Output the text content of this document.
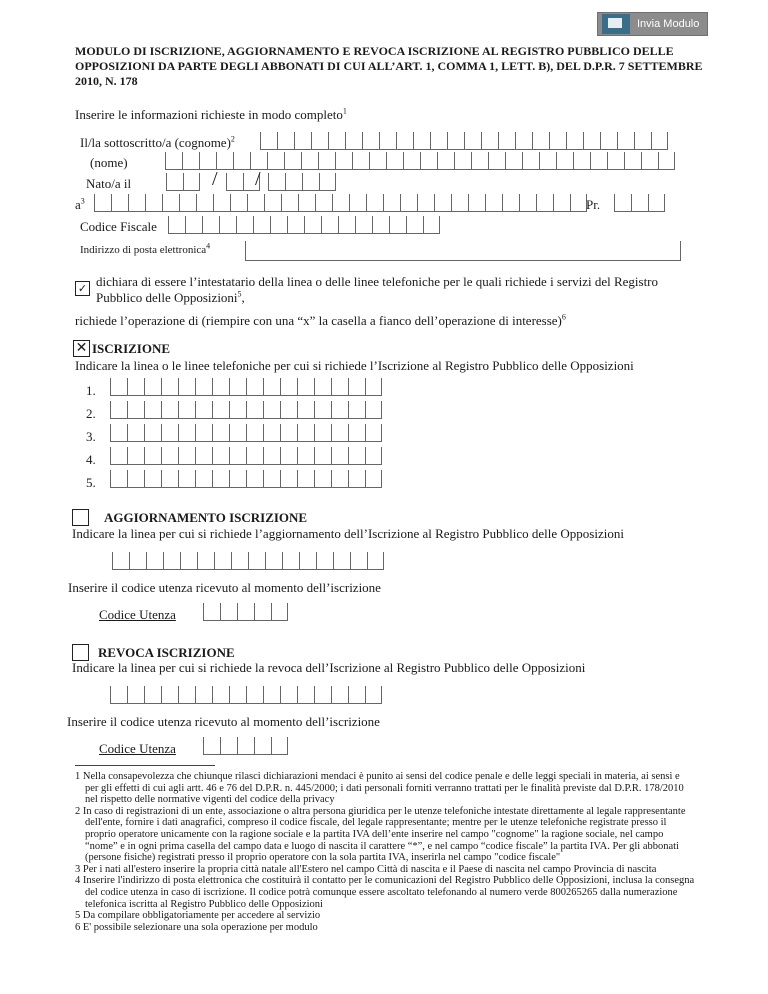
Invia Modulo
MODULO DI ISCRIZIONE, AGGIORNAMENTO E REVOCA ISCRIZIONE AL REGISTRO PUBBLICO DELLE OPPOSIZIONI DA PARTE DEGLI ABBONATI DI CUI ALL’ART. 1, COMMA 1, LETT. B), DEL D.P.R. 7 SETTEMBRE 2010, N. 178
Inserire le informazioni richieste in modo completo$^1$
Il/la sottoscritto/a (cognome)$^2$
(nome)
Nato/a il	/ /
$a^3$	Pr.
Codice Fiscale
Indirizzo di posta elettronica$^4$
✓ dichiara di essere l’intestatario della linea o delle linee telefoniche per le quali richiede i servizi del Registro Pubblico delle Opposizioni$^5$,
richiede l’operazione di (riempire con una “x” la casella a fianco dell’operazione di interesse)$^6$
✕ ISCRIZIONE
Indicare la linea o le linee telefoniche per cui si richiede l’Iscrizione al Registro Pubblico delle Opposizioni
1.
2.
3.
4.
5.
AGGIORNAMENTO ISCRIZIONE
Indicare la linea per cui si richiede l’aggiornamento dell’Iscrizione al Registro Pubblico delle Opposizioni
Inserire il codice utenza ricevuto al momento dell’iscrizione
Codice Utenza
REVOCA ISCRIZIONE
Indicare la linea per cui si richiede la revoca dell’Iscrizione al Registro Pubblico delle Opposizioni
Inserire il codice utenza ricevuto al momento dell’iscrizione
Codice Utenza
1 Nella consapevolezza che chiunque rilasci dichiarazioni mendaci è punito ai sensi del codice penale e delle leggi speciali in materia, ai sensi e per gli effetti di cui agli artt. 46 e 76 del D.P.R. n. 445/2000; i dati personali forniti verranno trattati per le finalità previste dal D.P.R. 178/2010 nel rispetto delle normative vigenti del codice della privacy
2 In caso di registrazioni di un ente, associazione o altra persona giuridica per le utenze telefoniche intestate direttamente al legale rappresentante dell'ente, fornire i dati anagrafici, compreso il codice fiscale, del legale rappresentante; mentre per le utenze telefoniche registrate presso il proprio operatore unicamente con la ragione sociale e la partita IVA dell’ente inserire nel campo "cognome" la ragione sociale, nel campo “nome” e in ogni prima casella del campo data e luogo di nascita il carattere “*”, e nel campo “codice fiscale” la partita IVA. Per gli abbonati (persone fisiche) registrati presso il proprio operatore con la sola partita IVA, inserirla nel campo "codice fiscale"
3 Per i nati all'estero inserire la propria città natale all'Estero nel campo Città di nascita e il Paese di nascita nel campo Provincia di nascita
4 Inserire l'indirizzo di posta elettronica che costituirà il contatto per le comunicazioni del Registro Pubblico delle Opposizioni, inclusa la consegna del codice utenza in caso di iscrizione. Il codice potrà comunque essere ascoltato telefonando al numero verde 800265265 dalla numerazione telefonica iscritta al Registro Pubblico delle Opposizioni
5 Da compilare obbligatoriamente per accedere al servizio
6 E' possibile selezionare una sola operazione per modulo
